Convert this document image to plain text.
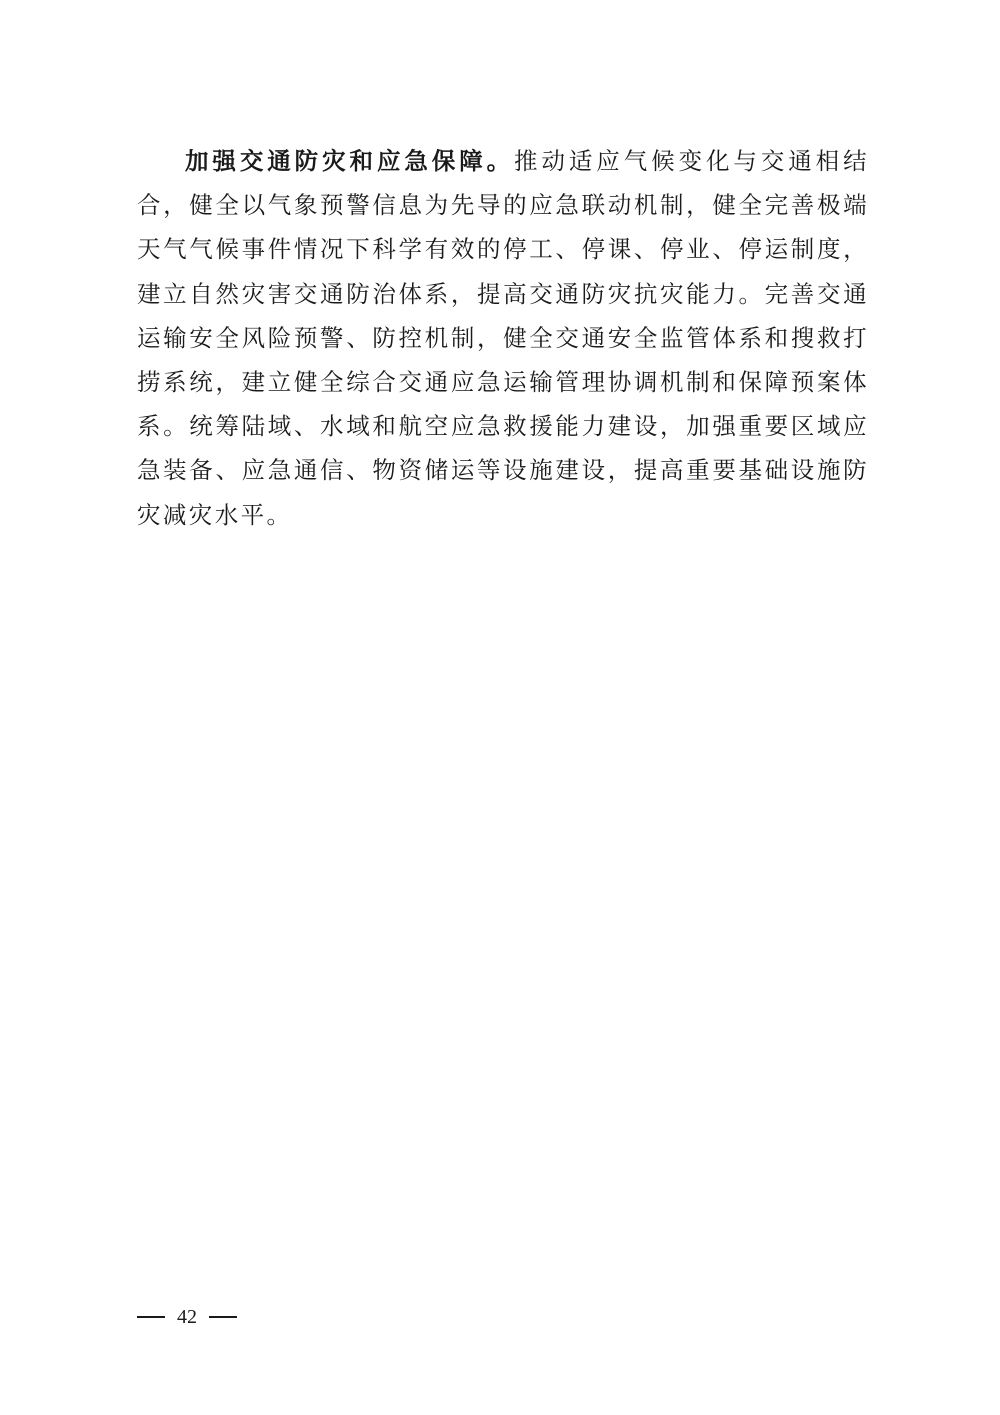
加强交通防灾和应急保障。推动适应气候变化与交通相结合，健全以气象预警信息为先导的应急联动机制，健全完善极端天气气候事件情况下科学有效的停工、停课、停业、停运制度，建立自然灾害交通防治体系，提高交通防灾抗灾能力。完善交通运输安全风险预警、防控机制，健全交通安全监管体系和搜救打捞系统，建立健全综合交通应急运输管理协调机制和保障预案体系。统筹陆域、水域和航空应急救援能力建设，加强重要区域应急装备、应急通信、物资储运等设施建设，提高重要基础设施防灾减灾水平。

42
